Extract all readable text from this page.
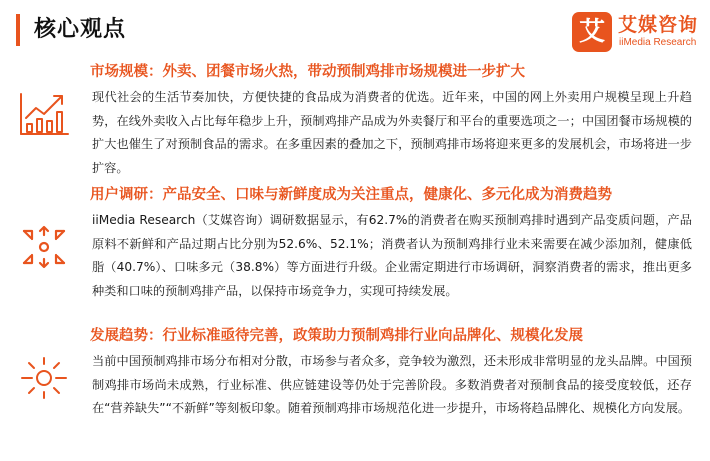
核心观点	艾 艾媒咨询
iiMedia Research
市场规模：外卖、团餐市场火热，带动预制鸡排市场规模进一步扩大
现代社会的生活节奏加快，方便快捷的食品成为消费者的优选。近年来，中国的网上外卖用户规模呈现上升趋势，在线外卖收入占比每年稳步上升，预制鸡排产品成为外卖餐厅和平台的重要选项之一；中国团餐市场规模的扩大也催生了对预制食品的需求。在多重因素的叠加之下，预制鸡排市场将迎来更多的发展机会，市场将进一步扩容。
用户调研：产品安全、口味与新鲜度成为关注重点，健康化、多元化成为消费趋势
iiMedia Research（艾媒咨询）调研数据显示，有62.7%的消费者在购买预制鸡排时遇到产品变质问题，产品原料不新鲜和产品过期占比分别为52.6%、52.1%；消费者认为预制鸡排行业未来需要在减少添加剂，健康低脂（40.7%）、口味多元（38.8%）等方面进行升级。企业需定期进行市场调研，洞察消费者的需求，推出更多种类和口味的预制鸡排产品，以保持市场竞争力，实现可持续发展。
发展趋势：行业标准亟待完善，政策助力预制鸡排行业向品牌化、规模化发展
当前中国预制鸡排市场分布相对分散，市场参与者众多，竞争较为激烈，还未形成非常明显的龙头品牌。中国预制鸡排市场尚未成熟，行业标准、供应链建设等仍处于完善阶段。多数消费者对预制食品的接受度较低，还存在“营养缺失”“不新鲜”等刻板印象。随着预制鸡排市场规范化进一步提升，市场将趋品牌化、规模化方向发展。
